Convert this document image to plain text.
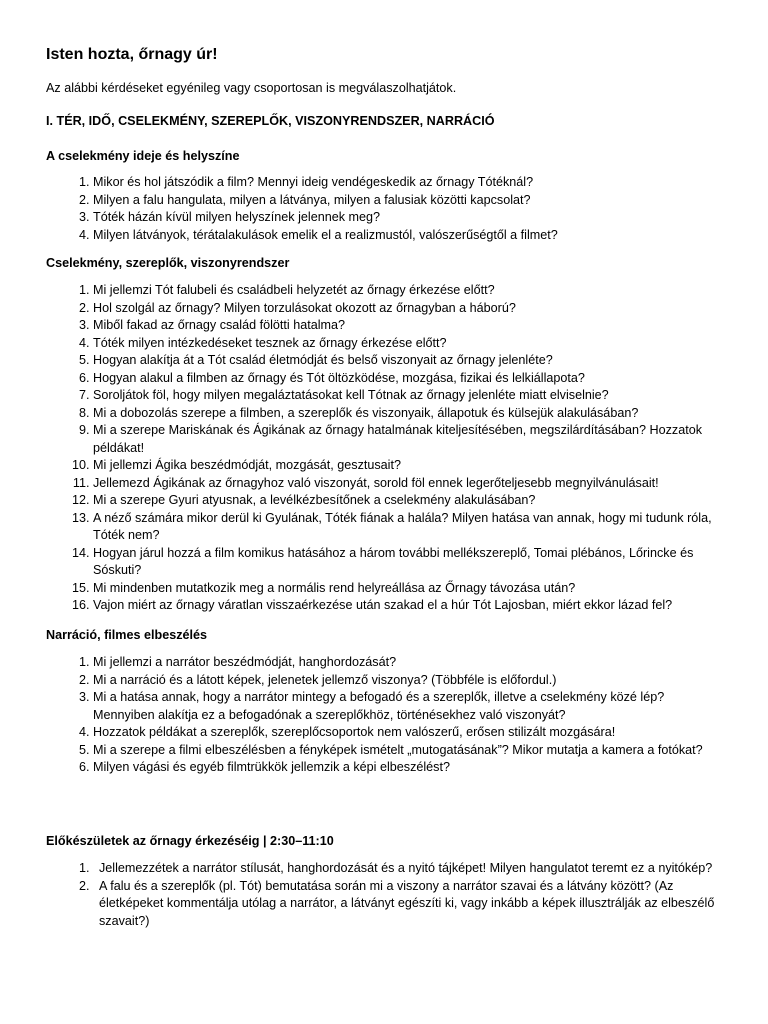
Isten hozta, őrnagy úr!

Az alábbi kérdéseket egyénileg vagy csoportosan is megválaszolhatjátok.

I. TÉR, IDŐ, CSELEKMÉNY, SZEREPLŐK, VISZONYRENDSZER, NARRÁCIÓ

A cselekmény ideje és helyszíne

1. Mikor és hol játszódik a film? Mennyi ideig vendégeskedik az őrnagy Tótéknál?
2. Milyen a falu hangulata, milyen a látványa, milyen a falusiak közötti kapcsolat?
3. Tóték házán kívül milyen helyszínek jelennek meg?
4. Milyen látványok, térátalakulások emelik el a realizmustól, valószerűségtől a filmet?

Cselekmény, szereplők, viszonyrendszer

1. Mi jellemzi Tót falubeli és családbeli helyzetét az őrnagy érkezése előtt?
2. Hol szolgál az őrnagy? Milyen torzulásokat okozott az őrnagyban a háború?
3. Miből fakad az őrnagy család fölötti hatalma?
4. Tóték milyen intézkedéseket tesznek az őrnagy érkezése előtt?
5. Hogyan alakítja át a Tót család életmódját és belső viszonyait az őrnagy jelenléte?
6. Hogyan alakul a filmben az őrnagy és Tót öltözködése, mozgása, fizikai és lelkiállapota?
7. Soroljátok föl, hogy milyen megaláztatásokat kell Tótnak az őrnagy jelenléte miatt elviselnie?
8. Mi a dobozolás szerepe a filmben, a szereplők és viszonyaik, állapotuk és külsejük alakulásában?
9. Mi a szerepe Mariskának és Ágikának az őrnagy hatalmának kiteljesítésében, megszilárdításában? Hozzatok példákat!
10. Mi jellemzi Ágika beszédmódját, mozgását, gesztusait?
11. Jellemezd Ágikának az őrnagyhoz való viszonyát, sorold föl ennek legerőteljesebb megnyilvánulásait!
12. Mi a szerepe Gyuri atyusnak, a levélkézbesítőnek a cselekmény alakulásában?
13. A néző számára mikor derül ki Gyulának, Tóték fiának a halála? Milyen hatása van annak, hogy mi tudunk róla, Tóték nem?
14. Hogyan járul hozzá a film komikus hatásához a három további mellékszereplő, Tomai plébános, Lőrincke és Sóskuti?
15. Mi mindenben mutatkozik meg a normális rend helyreállása az Őrnagy távozása után?
16. Vajon miért az őrnagy váratlan visszaérkezése után szakad el a húr Tót Lajosban, miért ekkor lázad fel?

Narráció, filmes elbeszélés

1. Mi jellemzi a narrátor beszédmódját, hanghordozását?
2. Mi a narráció és a látott képek, jelenetek jellemző viszonya? (Többféle is előfordul.)
3. Mi a hatása annak, hogy a narrátor mintegy a befogadó és a szereplők, illetve a cselekmény közé lép? Mennyiben alakítja ez a befogadónak a szereplőkhöz, történésekhez való viszonyát?
4. Hozzatok példákat a szereplők, szereplőcsoportok nem valószerű, erősen stilizált mozgására!
5. Mi a szerepe a filmi elbeszélésben a fényképek ismételt „mutogatásának”? Mikor mutatja a kamera a fotókat?
6. Milyen vágási és egyéb filmtrükkök jellemzik a képi elbeszélést?

Előkészületek az őrnagy érkezéséig | 2:30–11:10

1. Jellemezzétek a narrátor stílusát, hanghordozását és a nyitó tájképet! Milyen hangulatot teremt ez a nyitókép?
2. A falu és a szereplők (pl. Tót) bemutatása során mi a viszony a narrátor szavai és a látvány között? (Az életképeket kommentálja utólag a narrátor, a látványt egészíti ki, vagy inkább a képek illusztrálják az elbeszélő szavait?)
